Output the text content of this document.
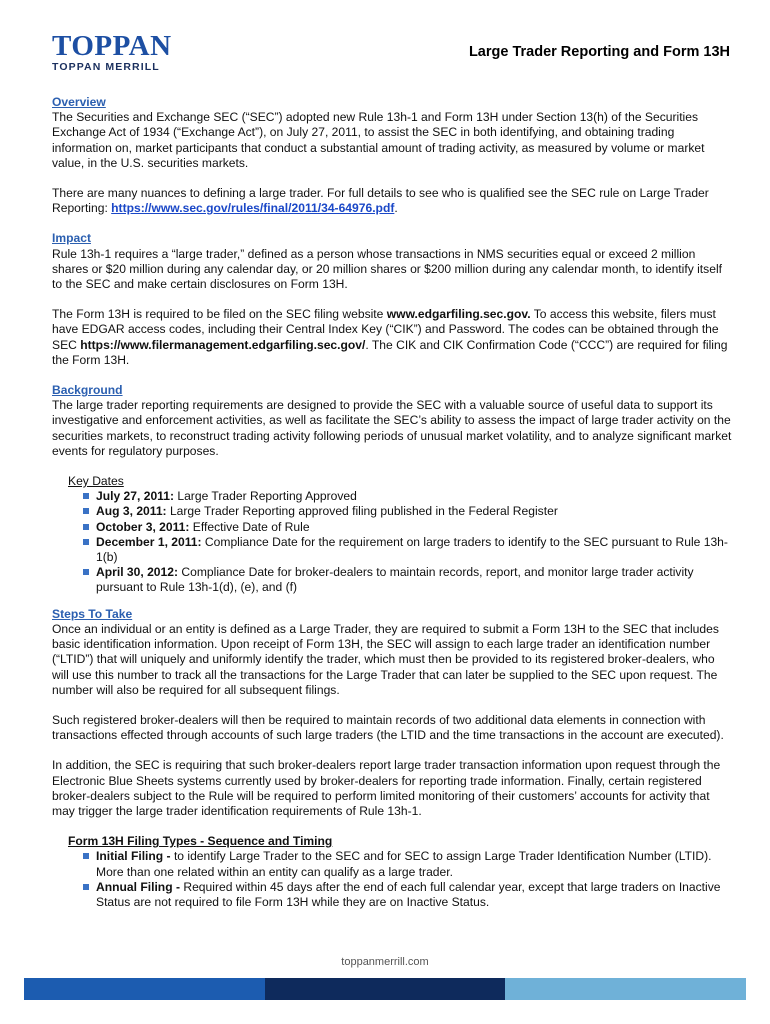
TOPPAN
TOPPAN MERRILL
Large Trader Reporting and Form 13H
Overview

The Securities and Exchange SEC (“SEC”) adopted new Rule 13h-1 and Form 13H under Section 13(h) of the Securities Exchange Act of 1934 (“Exchange Act”), on July 27, 2011, to assist the SEC in both identifying, and obtaining trading information on, market participants that conduct a substantial amount of trading activity, as measured by volume or market value, in the U.S. securities markets.

There are many nuances to defining a large trader. For full details to see who is qualified see the SEC rule on Large Trader Reporting: https://www.sec.gov/rules/final/2011/34-64976.pdf.

Impact

Rule 13h-1 requires a “large trader,” defined as a person whose transactions in NMS securities equal or exceed 2 million shares or $20 million during any calendar day, or 20 million shares or $200 million during any calendar month, to identify itself to the SEC and make certain disclosures on Form 13H.

The Form 13H is required to be filed on the SEC filing website www.edgarfiling.sec.gov. To access this website, filers must have EDGAR access codes, including their Central Index Key (“CIK”) and Password. The codes can be obtained through the SEC https://www.filermanagement.edgarfiling.sec.gov/. The CIK and CIK Confirmation Code (“CCC”) are required for filing the Form 13H.

Background

The large trader reporting requirements are designed to provide the SEC with a valuable source of useful data to support its investigative and enforcement activities, as well as facilitate the SEC’s ability to assess the impact of large trader activity on the securities markets, to reconstruct trading activity following periods of unusual market volatility, and to analyze significant market events for regulatory purposes.

Key Dates
July 27, 2011: Large Trader Reporting Approved
Aug 3, 2011: Large Trader Reporting approved filing published in the Federal Register
October 3, 2011: Effective Date of Rule
December 1, 2011: Compliance Date for the requirement on large traders to identify to the SEC pursuant to Rule 13h-1(b)
April 30, 2012: Compliance Date for broker-dealers to maintain records, report, and monitor large trader activity pursuant to Rule 13h-1(d), (e), and (f)
Steps To Take

Once an individual or an entity is defined as a Large Trader, they are required to submit a Form 13H to the SEC that includes basic identification information. Upon receipt of Form 13H, the SEC will assign to each large trader an identification number (“LTID”) that will uniquely and uniformly identify the trader, which must then be provided to its registered broker-dealers, who will use this number to track all the transactions for the Large Trader that can later be supplied to the SEC upon request. The number will also be required for all subsequent filings.

Such registered broker-dealers will then be required to maintain records of two additional data elements in connection with transactions effected through accounts of such large traders (the LTID and the time transactions in the account are executed).

In addition, the SEC is requiring that such broker-dealers report large trader transaction information upon request through the Electronic Blue Sheets systems currently used by broker-dealers for reporting trade information. Finally, certain registered broker-dealers subject to the Rule will be required to perform limited monitoring of their customers’ accounts for activity that may trigger the large trader identification requirements of Rule 13h-1.

Form 13H Filing Types - Sequence and Timing
Initial Filing - to identify Large Trader to the SEC and for SEC to assign Large Trader Identification Number (LTID). More than one related within an entity can qualify as a large trader.
Annual Filing - Required within 45 days after the end of each full calendar year, except that large traders on Inactive Status are not required to file Form 13H while they are on Inactive Status.
toppanmerrill.com
